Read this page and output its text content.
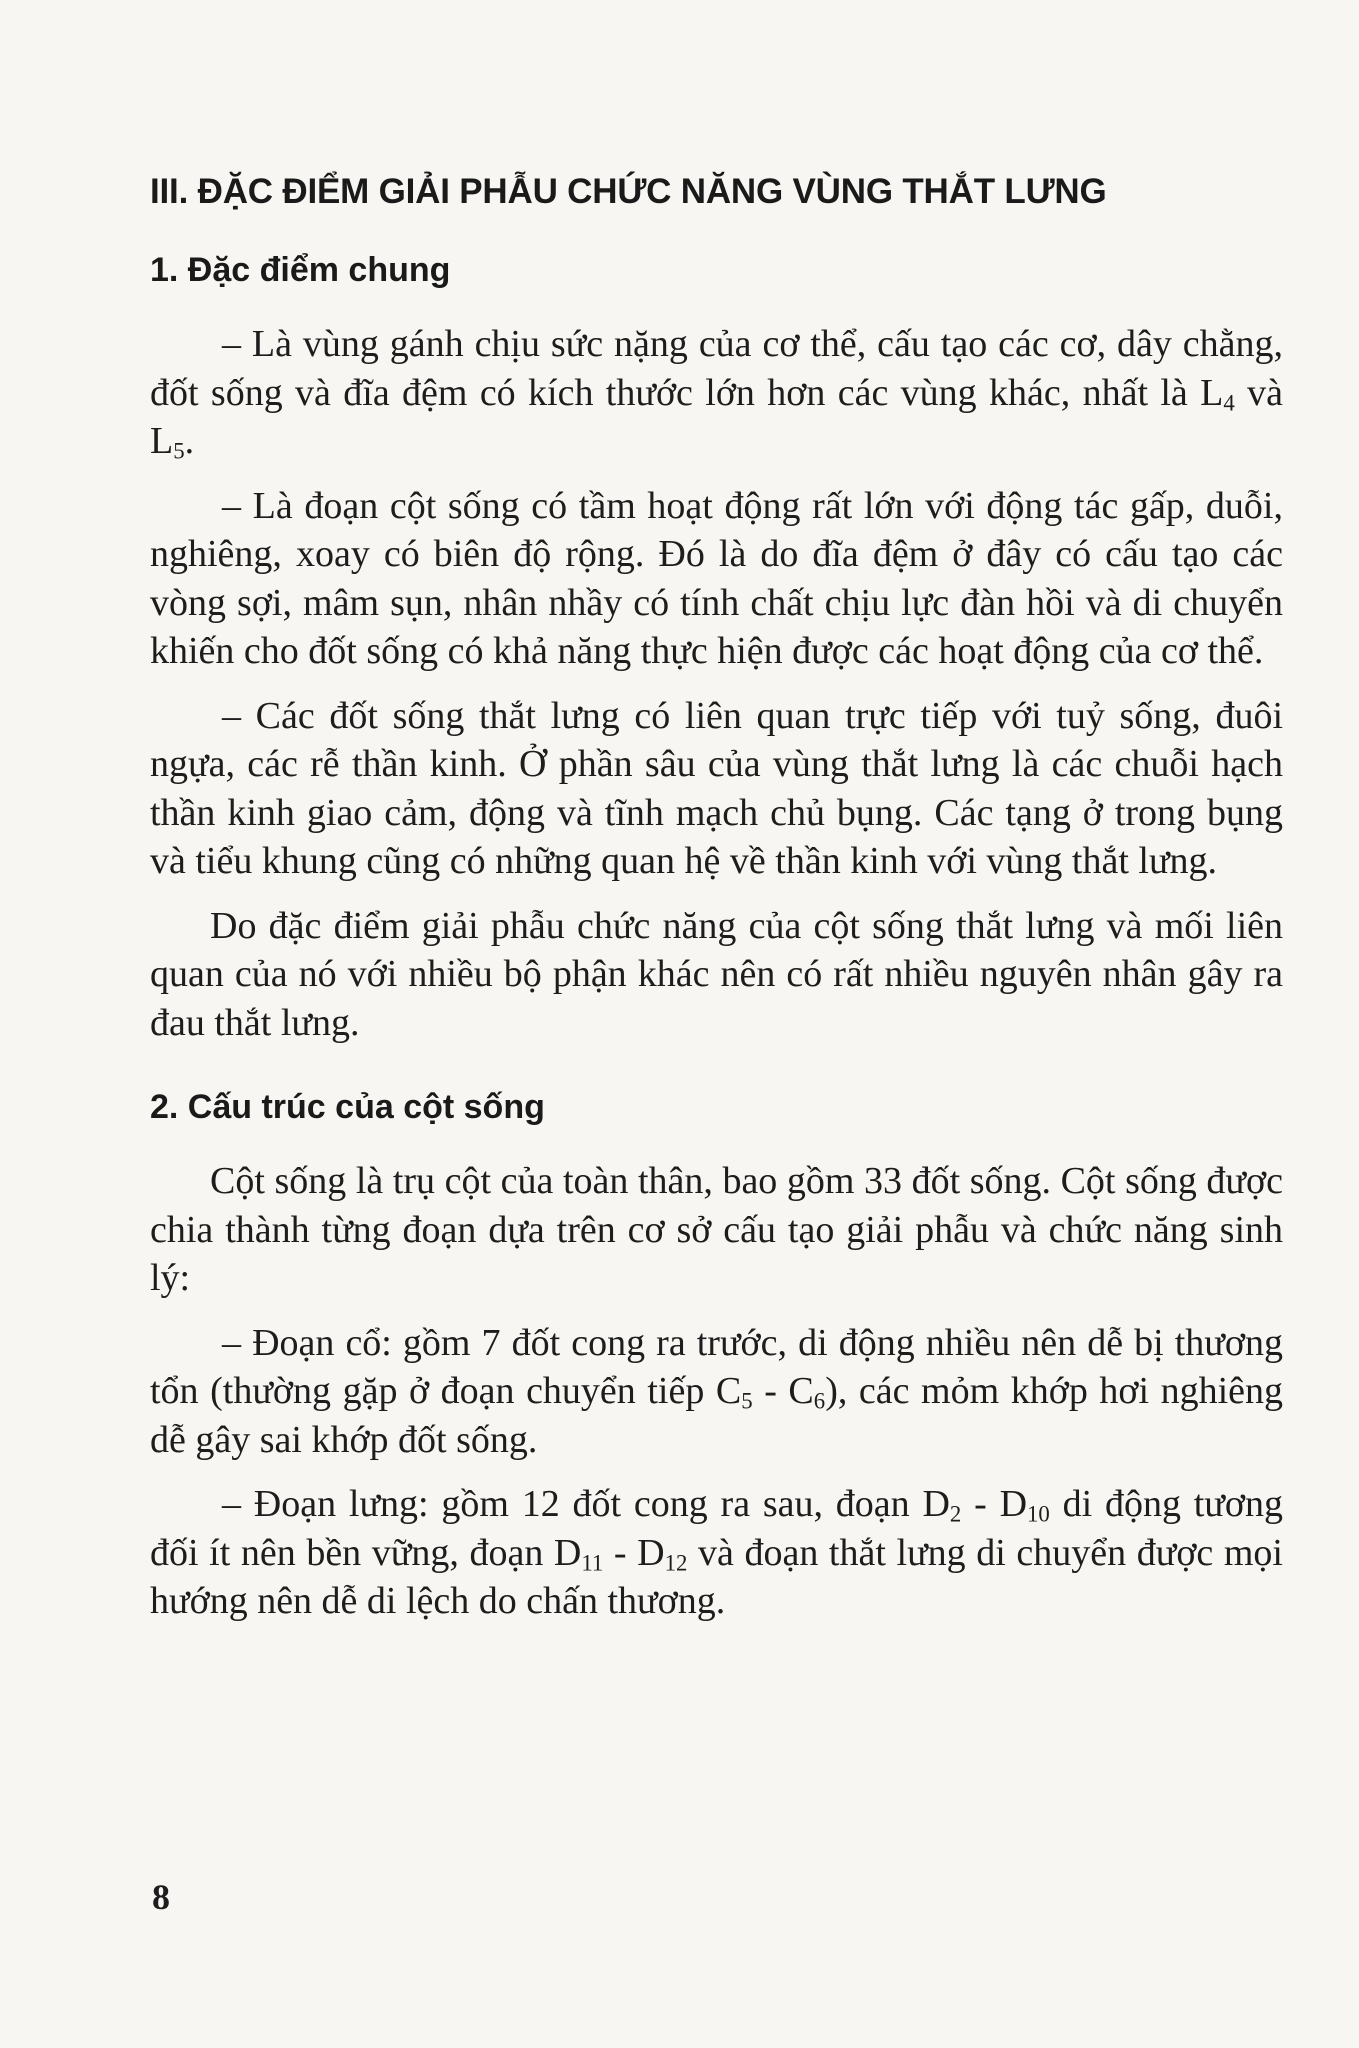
III. ĐẶC ĐIỂM GIẢI PHẪU CHỨC NĂNG VÙNG THẮT LƯNG
1. Đặc điểm chung

– Là vùng gánh chịu sức nặng của cơ thể, cấu tạo các cơ, dây chằng, đốt sống và đĩa đệm có kích thước lớn hơn các vùng khác, nhất là $L_4$ và $L_5$.

– Là đoạn cột sống có tầm hoạt động rất lớn với động tác gấp, duỗi, nghiêng, xoay có biên độ rộng. Đó là do đĩa đệm ở đây có cấu tạo các vòng sợi, mâm sụn, nhân nhầy có tính chất chịu lực đàn hồi và di chuyển khiến cho đốt sống có khả năng thực hiện được các hoạt động của cơ thể.

– Các đốt sống thắt lưng có liên quan trực tiếp với tuỷ sống, đuôi ngựa, các rễ thần kinh. Ở phần sâu của vùng thắt lưng là các chuỗi hạch thần kinh giao cảm, động và tĩnh mạch chủ bụng. Các tạng ở trong bụng và tiểu khung cũng có những quan hệ về thần kinh với vùng thắt lưng.

Do đặc điểm giải phẫu chức năng của cột sống thắt lưng và mối liên quan của nó với nhiều bộ phận khác nên có rất nhiều nguyên nhân gây ra đau thắt lưng.

2. Cấu trúc của cột sống

Cột sống là trụ cột của toàn thân, bao gồm 33 đốt sống. Cột sống được chia thành từng đoạn dựa trên cơ sở cấu tạo giải phẫu và chức năng sinh lý:

– Đoạn cổ: gồm 7 đốt cong ra trước, di động nhiều nên dễ bị thương tổn (thường gặp ở đoạn chuyển tiếp $C_5 - C_6$), các mỏm khớp hơi nghiêng dễ gây sai khớp đốt sống.

– Đoạn lưng: gồm 12 đốt cong ra sau, đoạn $D_2 - D_{10}$ di động tương đối ít nên bền vững, đoạn $D_{11} - D_{12}$ và đoạn thắt lưng di chuyển được mọi hướng nên dễ di lệch do chấn thương.

8
